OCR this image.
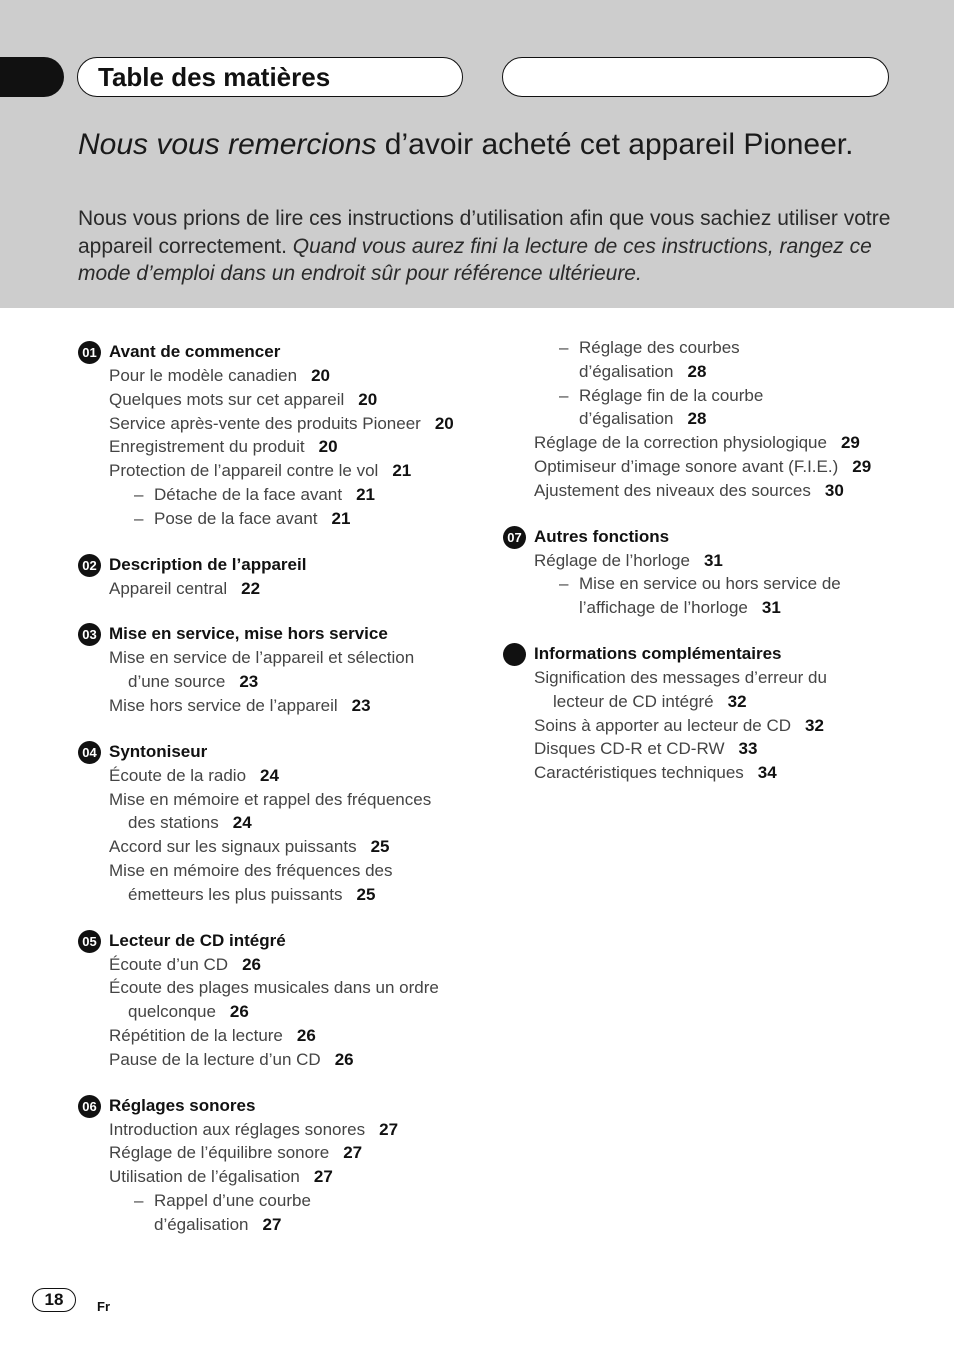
Table des matières
Nous vous remercions d’avoir acheté cet appareil Pioneer.
Nous vous prions de lire ces instructions d’utilisation afin que vous sachiez utiliser votre appareil correctement. Quand vous aurez fini la lecture de ces instructions, rangez ce mode d’emploi dans un endroit sûr pour référence ultérieure.
01 Avant de commencer
Pour le modèle canadien 20
Quelques mots sur cet appareil 20
Service après-vente des produits Pioneer 20
Enregistrement du produit 20
Protection de l’appareil contre le vol 21
– Détache de la face avant 21
– Pose de la face avant 21
02 Description de l’appareil
Appareil central 22
03 Mise en service, mise hors service
Mise en service de l’appareil et sélection
d’une source 23
Mise hors service de l’appareil 23
04 Syntoniseur
Écoute de la radio 24
Mise en mémoire et rappel des fréquences
des stations 24
Accord sur les signaux puissants 25
Mise en mémoire des fréquences des
émetteurs les plus puissants 25
05 Lecteur de CD intégré
Écoute d’un CD 26
Écoute des plages musicales dans un ordre
quelconque 26
Répétition de la lecture 26
Pause de la lecture d’un CD 26
06 Réglages sonores
Introduction aux réglages sonores 27
Réglage de l’équilibre sonore 27
Utilisation de l’égalisation 27
– Rappel d’une courbe
d’égalisation 27
– Réglage des courbes
d’égalisation 28
– Réglage fin de la courbe
d’égalisation 28
Réglage de la correction physiologique 29
Optimiseur d’image sonore avant (F.I.E.) 29
Ajustement des niveaux des sources 30
07 Autres fonctions
Réglage de l’horloge 31
– Mise en service ou hors service de
l’affichage de l’horloge 31
Informations complémentaires
Signification des messages d’erreur du
lecteur de CD intégré 32
Soins à apporter au lecteur de CD 32
Disques CD-R et CD-RW 33
Caractéristiques techniques 34
18	Fr
